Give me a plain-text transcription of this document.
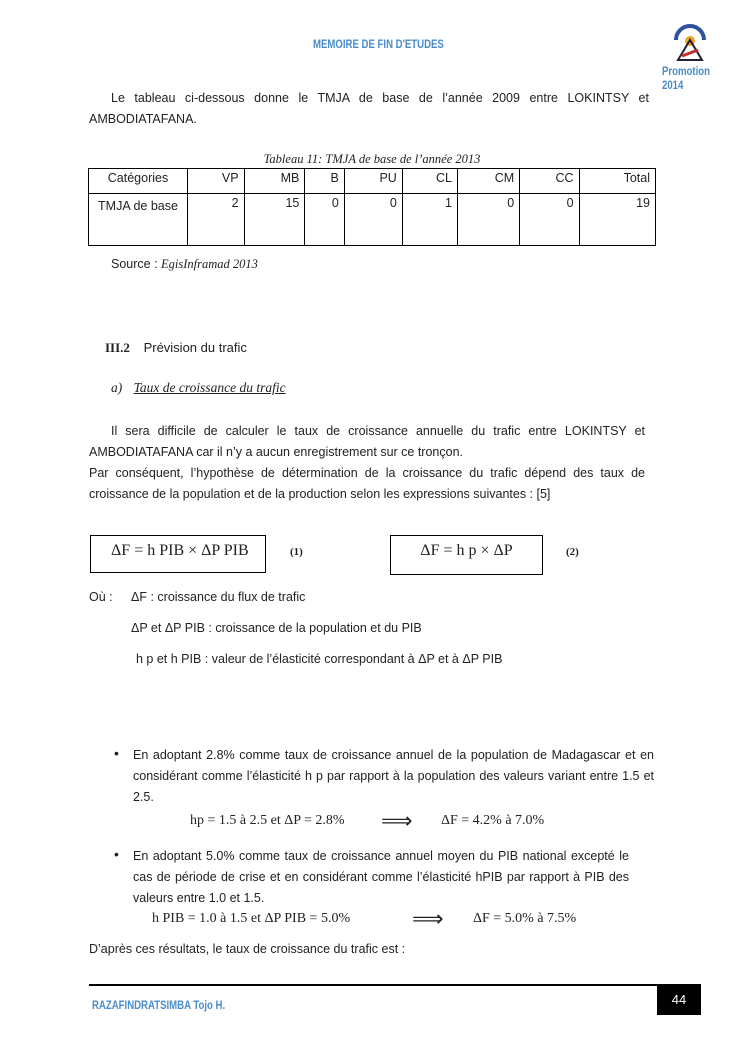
MEMOIRE DE FIN D'ETUDES
Promotion 2014
Le tableau ci-dessous donne le TMJA de base de l’année 2009 entre LOKINTSY et AMBODIATAFANA.
Tableau 11: TMJA de base de l’année 2013
Catégories	VP	MB	B	PU	CL	CM	CC	Total
TMJA de base	2	15	0	0	1	0	0	19
Source : EgisInframad 2013
III.2 Prévision du trafic
a) Taux de croissance du trafic
Il sera difficile de calculer le taux de croissance annuelle du trafic entre LOKINTSY et AMBODIATAFANA car il n’y a aucun enregistrement sur ce tronçon.
Par conséquent, l’hypothèse de détermination de la croissance du trafic dépend des taux de croissance de la population et de la production selon les expressions suivantes : [5]
ΔF = h PIB × ΔP PIB	(1)	ΔF = h p × ΔP	(2)
Où : ΔF : croissance du flux de trafic
ΔP et ΔP PIB : croissance de la population et du PIB
h p et h PIB : valeur de l’élasticité correspondant à ΔP et à ΔP PIB
• En adoptant 2.8% comme taux de croissance annuel de la population de Madagascar et en considérant comme l’élasticité h p par rapport à la population des valeurs variant entre 1.5 et 2.5.
hp = 1.5 à 2.5 et ΔP = 2.8% ⟹ ΔF = 4.2% à 7.0%
• En adoptant 5.0% comme taux de croissance annuel moyen du PIB national excepté le cas de période de crise et en considérant comme l’élasticité hPIB par rapport à PIB des valeurs entre 1.0 et 1.5.
h PIB = 1.0 à 1.5 et ΔP PIB = 5.0%	⟹ ΔF = 5.0% à 7.5%
D’après ces résultats, le taux de croissance du trafic est :
RAZAFINDRATSIMBA Tojo H.	44
